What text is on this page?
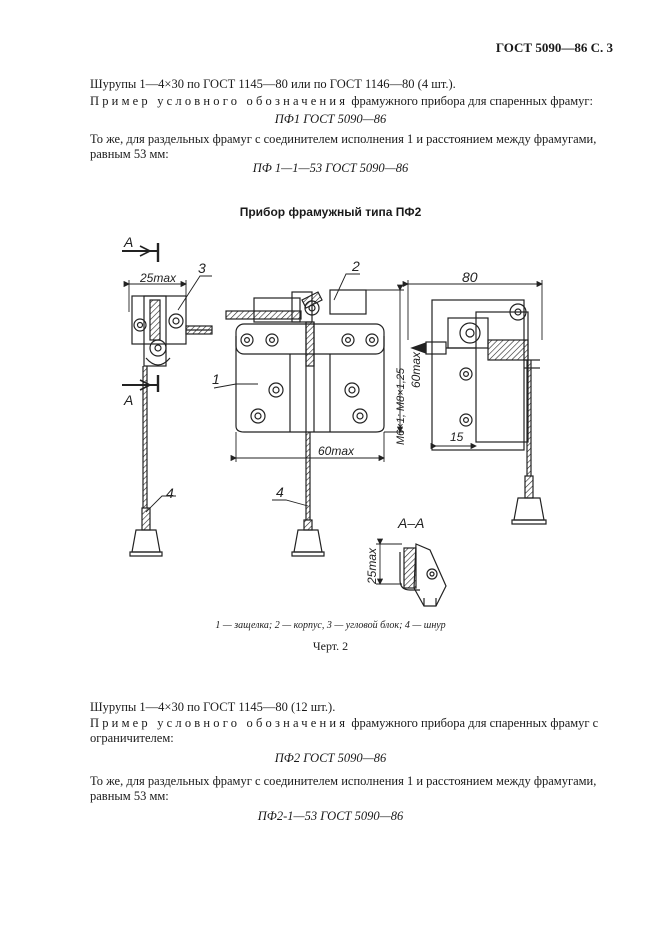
ГОСТ 5090—86 С. 3
Шурупы 1—4×30 по ГОСТ 1145—80 или по ГОСТ 1146—80 (4 шт.).
Пример условного обозначения фрамужного прибора для спаренных фрамуг:
ПФ1 ГОСТ 5090—86
То же, для раздельных фрамуг с соединителем исполнения 1 и расстоянием между фрамугами,
равным 53 мм:
ПФ 1—1—53 ГОСТ 5090—86
Прибор фрамужный типа ПФ2
A
A
25max
3	2
1
4	4
80
60max
M6×1; M8×1,25
60max
15
A–A
25max
1 — защелка; 2 — корпус, 3 — угловой блок; 4 — шнур
Черт. 2
Шурупы 1—4×30 по ГОСТ 1145—80 (12 шт.).
Пример условного обозначения фрамужного прибора для спаренных фрамуг с
ограничителем:
ПФ2 ГОСТ 5090—86
То же, для раздельных фрамуг с соединителем исполнения 1 и расстоянием между фрамугами,
равным 53 мм:
ПФ2-1—53 ГОСТ 5090—86
